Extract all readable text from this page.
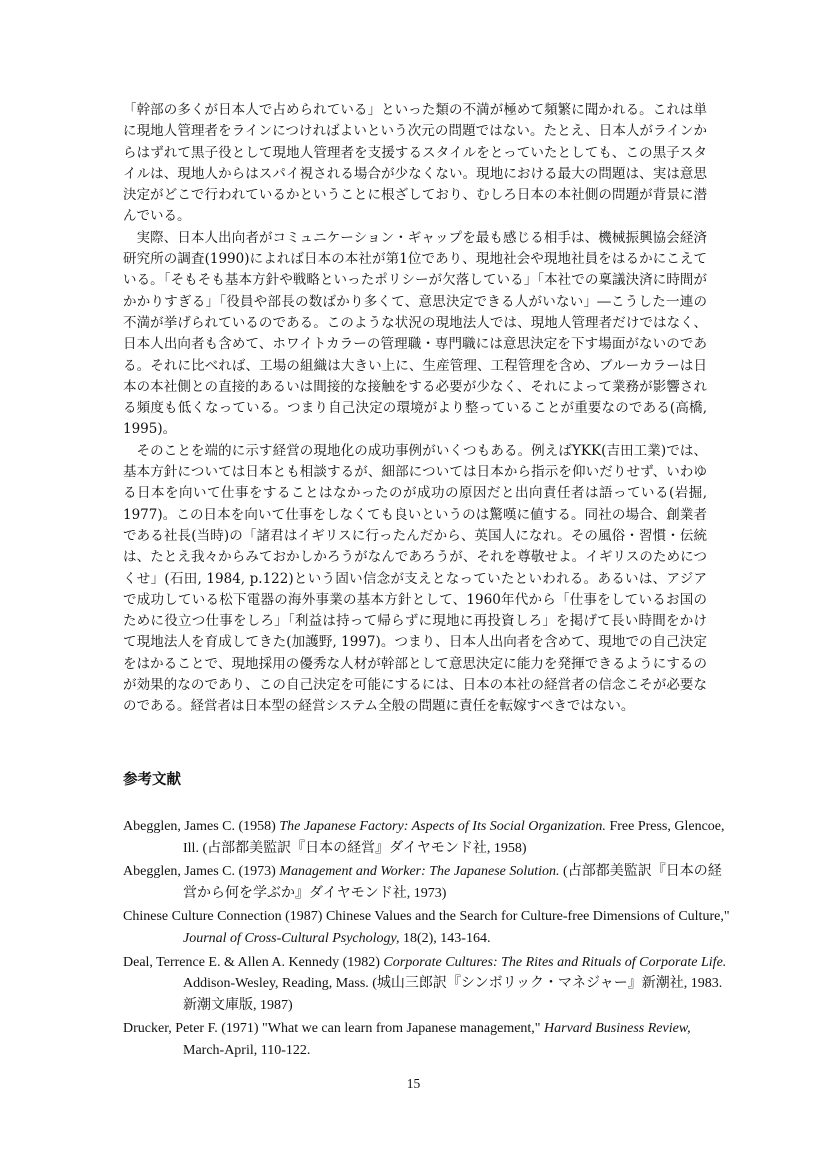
「幹部の多くが日本人で占められている」といった類の不満が極めて頻繁に聞かれる。これは単に現地人管理者をラインにつければよいという次元の問題ではない。たとえ、日本人がラインからはずれて黒子役として現地人管理者を支援するスタイルをとっていたとしても、この黒子スタイルは、現地人からはスパイ視される場合が少なくない。現地における最大の問題は、実は意思決定がどこで行われているかということに根ざしており、むしろ日本の本社側の問題が背景に潜んでいる。

実際、日本人出向者がコミュニケーション・ギャップを最も感じる相手は、機械振興協会経済研究所の調査(1990)によれば日本の本社が第1位であり、現地社会や現地社員をはるかにこえている。「そもそも基本方針や戦略といったポリシーが欠落している」「本社での稟議決済に時間がかかりすぎる」「役員や部長の数ばかり多くて、意思決定できる人がいない」―こうした一連の不満が挙げられているのである。このような状況の現地法人では、現地人管理者だけではなく、日本人出向者も含めて、ホワイトカラーの管理職・専門職には意思決定を下す場面がないのである。それに比べれば、工場の組織は大きい上に、生産管理、工程管理を含め、ブルーカラーは日本の本社側との直接的あるいは間接的な接触をする必要が少なく、それによって業務が影響される頻度も低くなっている。つまり自己決定の環境がより整っていることが重要なのである(高橋, 1995)。

そのことを端的に示す経営の現地化の成功事例がいくつもある。例えばYKK(吉田工業)では、基本方針については日本とも相談するが、細部については日本から指示を仰いだりせず、いわゆる日本を向いて仕事をすることはなかったのが成功の原因だと出向責任者は語っている(岩掘, 1977)。この日本を向いて仕事をしなくても良いというのは驚嘆に値する。同社の場合、創業者である社長(当時)の「諸君はイギリスに行ったんだから、英国人になれ。その風俗・習慣・伝統は、たとえ我々からみておかしかろうがなんであろうが、それを尊敬せよ。イギリスのためにつくせ」(石田, 1984, p.122)という固い信念が支えとなっていたといわれる。あるいは、アジアで成功している松下電器の海外事業の基本方針として、1960年代から「仕事をしているお国のために役立つ仕事をしろ」「利益は持って帰らずに現地に再投資しろ」を掲げて長い時間をかけて現地法人を育成してきた(加護野, 1997)。つまり、日本人出向者を含めて、現地での自己決定をはかることで、現地採用の優秀な人材が幹部として意思決定に能力を発揮できるようにするのが効果的なのであり、この自己決定を可能にするには、日本の本社の経営者の信念こそが必要なのである。経営者は日本型の経営システム全般の問題に責任を転嫁すべきではない。

参考文献
Abegglen, James C. (1958) The Japanese Factory: Aspects of Its Social Organization. Free Press, Glencoe, Ill. (占部都美監訳『日本の経営』ダイヤモンド社, 1958)
Abegglen, James C. (1973) Management and Worker: The Japanese Solution. (占部都美監訳『日本の経営から何を学ぶか』ダイヤモンド社, 1973)
Chinese Culture Connection (1987) Chinese Values and the Search for Culture-free Dimensions of Culture," Journal of Cross-Cultural Psychology, 18(2), 143-164.
Deal, Terrence E. & Allen A. Kennedy (1982) Corporate Cultures: The Rites and Rituals of Corporate Life. Addison-Wesley, Reading, Mass. (城山三郎訳『シンボリック・マネジャー』新潮社, 1983. 新潮文庫版, 1987)
Drucker, Peter F. (1971) "What we can learn from Japanese management," Harvard Business Review, March-April, 110-122.
15
